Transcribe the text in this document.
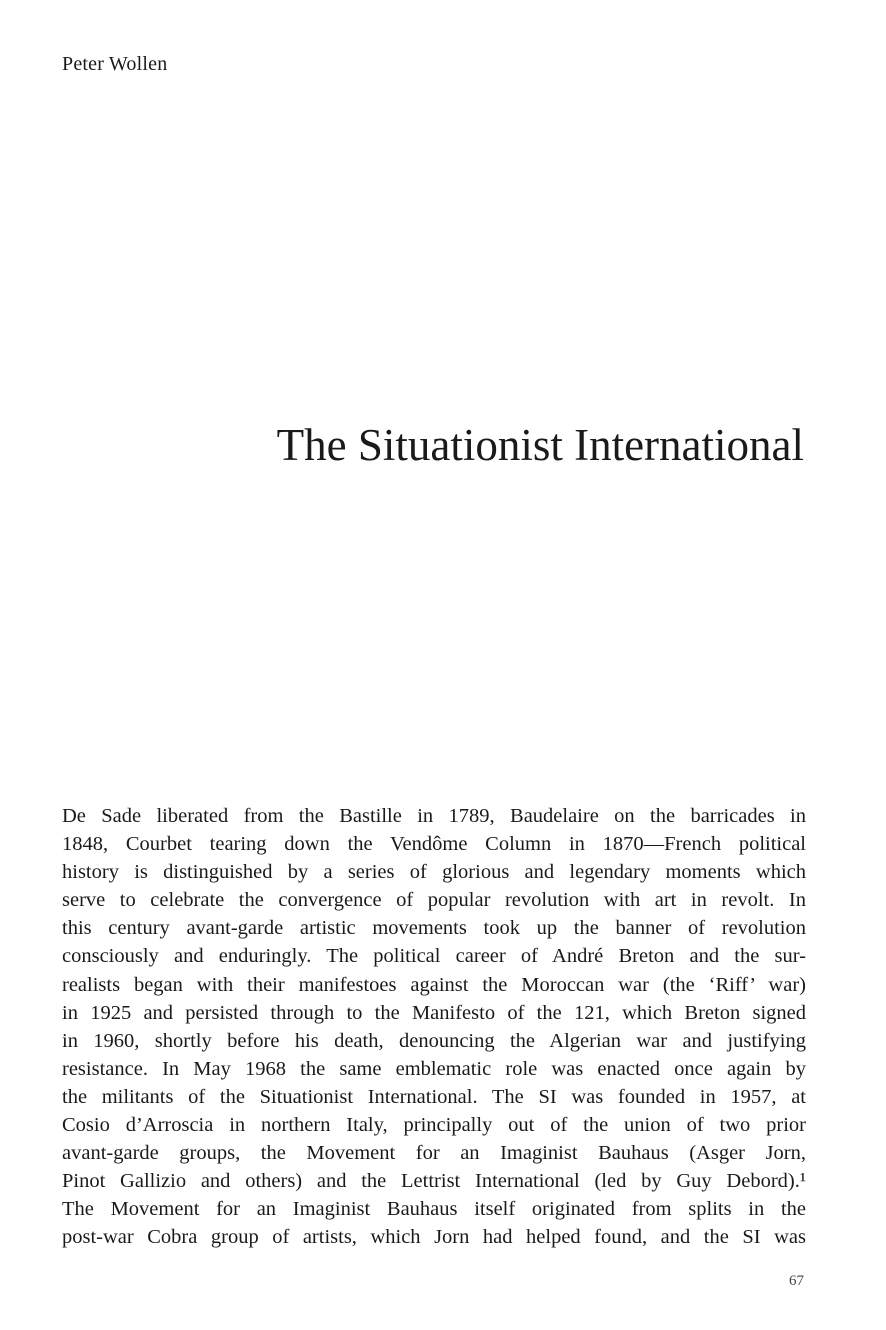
Peter Wollen
The Situationist International
De Sade liberated from the Bastille in 1789, Baudelaire on the barricades in
1848, Courbet tearing down the Vendôme Column in 1870—French political
history is distinguished by a series of glorious and legendary moments which
serve to celebrate the convergence of popular revolution with art in revolt. In
this century avant-garde artistic movements took up the banner of revolution
consciously and enduringly. The political career of André Breton and the sur-
realists began with their manifestoes against the Moroccan war (the ‘Riff’ war)
in 1925 and persisted through to the Manifesto of the 121, which Breton signed
in 1960, shortly before his death, denouncing the Algerian war and justifying
resistance. In May 1968 the same emblematic role was enacted once again by
the militants of the Situationist International. The SI was founded in 1957, at
Cosio d’Arroscia in northern Italy, principally out of the union of two prior
avant-garde groups, the Movement for an Imaginist Bauhaus (Asger Jorn,
Pinot Gallizio and others) and the Lettrist International (led by Guy Debord).¹
The Movement for an Imaginist Bauhaus itself originated from splits in the
post-war Cobra group of artists, which Jorn had helped found, and the SI was
67
